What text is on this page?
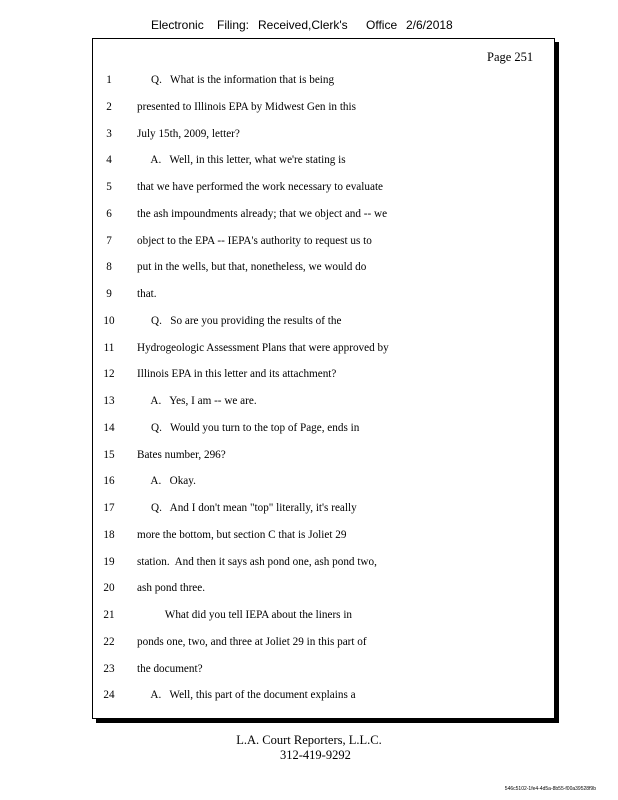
Electronic

Filing:

Received,Clerk's

Office

2/6/2018

Page 251
1	Q.   What is the information that is being
2	presented to Illinois EPA by Midwest Gen in this
3	July 15th, 2009, letter?
4	A.   Well, in this letter, what we're stating is
5	that we have performed the work necessary to evaluate
6	the ash impoundments already; that we object and -- we
7	object to the EPA -- IEPA's authority to request us to
8	put in the wells, but that, nonetheless, we would do
9	that.
10	Q.   So are you providing the results of the
11	Hydrogeologic Assessment Plans that were approved by
12	Illinois EPA in this letter and its attachment?
13	A.   Yes, I am -- we are.
14	Q.   Would you turn to the top of Page, ends in
15	Bates number, 296?
16	A.   Okay.
17	Q.   And I don't mean "top" literally, it's really
18	more the bottom, but section C that is Joliet 29
19	station.  And then it says ash pond one, ash pond two,
20	ash pond three.
21	What did you tell IEPA about the liners in
22	ponds one, two, and three at Joliet 29 in this part of
23	the document?
24	A.   Well, this part of the document explains a
L.A. Court Reporters, L.L.C.
312-419-9292
546c5102-1fe4-4d5a-8b55-f00a39528f9b
